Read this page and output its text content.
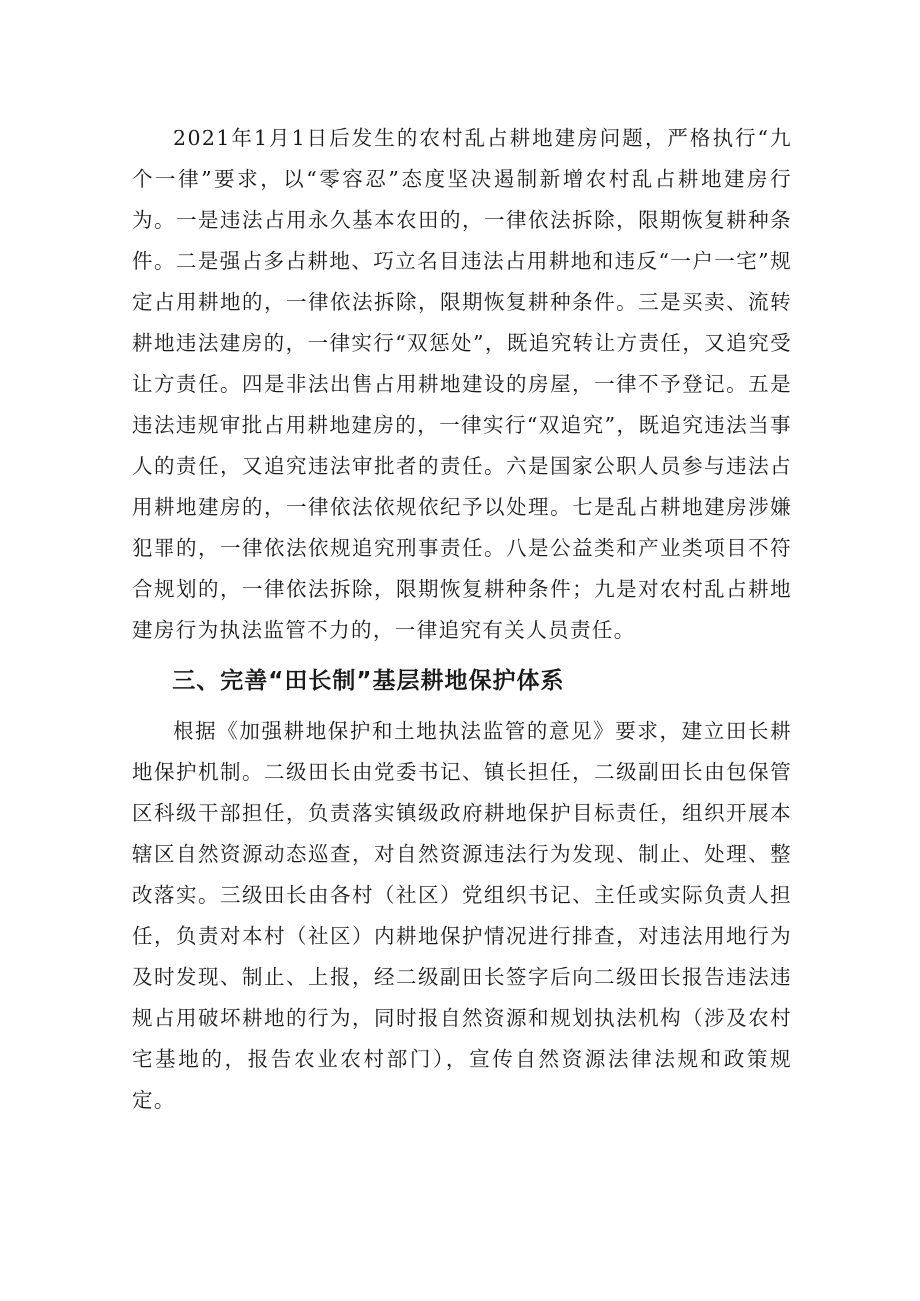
2021年1月1日后发生的农村乱占耕地建房问题，严格执行“九个一律”要求，以“零容忍”态度坚决遏制新增农村乱占耕地建房行为。一是违法占用永久基本农田的，一律依法拆除，限期恢复耕种条件。二是强占多占耕地、巧立名目违法占用耕地和违反“一户一宅”规定占用耕地的，一律依法拆除，限期恢复耕种条件。三是买卖、流转耕地违法建房的，一律实行“双惩处”，既追究转让方责任，又追究受让方责任。四是非法出售占用耕地建设的房屋，一律不予登记。五是违法违规审批占用耕地建房的，一律实行“双追究”，既追究违法当事人的责任，又追究违法审批者的责任。六是国家公职人员参与违法占用耕地建房的，一律依法依规依纪予以处理。七是乱占耕地建房涉嫌犯罪的，一律依法依规追究刑事责任。八是公益类和产业类项目不符合规划的，一律依法拆除，限期恢复耕种条件；九是对农村乱占耕地建房行为执法监管不力的，一律追究有关人员责任。

三、完善“田长制”基层耕地保护体系

根据《加强耕地保护和土地执法监管的意见》要求，建立田长耕地保护机制。二级田长由党委书记、镇长担任，二级副田长由包保管区科级干部担任，负责落实镇级政府耕地保护目标责任，组织开展本辖区自然资源动态巡查，对自然资源违法行为发现、制止、处理、整改落实。三级田长由各村（社区）党组织书记、主任或实际负责人担任，负责对本村（社区）内耕地保护情况进行排查，对违法用地行为及时发现、制止、上报，经二级副田长签字后向二级田长报告违法违规占用破坏耕地的行为，同时报自然资源和规划执法机构（涉及农村宅基地的，报告农业农村部门），宣传自然资源法律法规和政策规定。
